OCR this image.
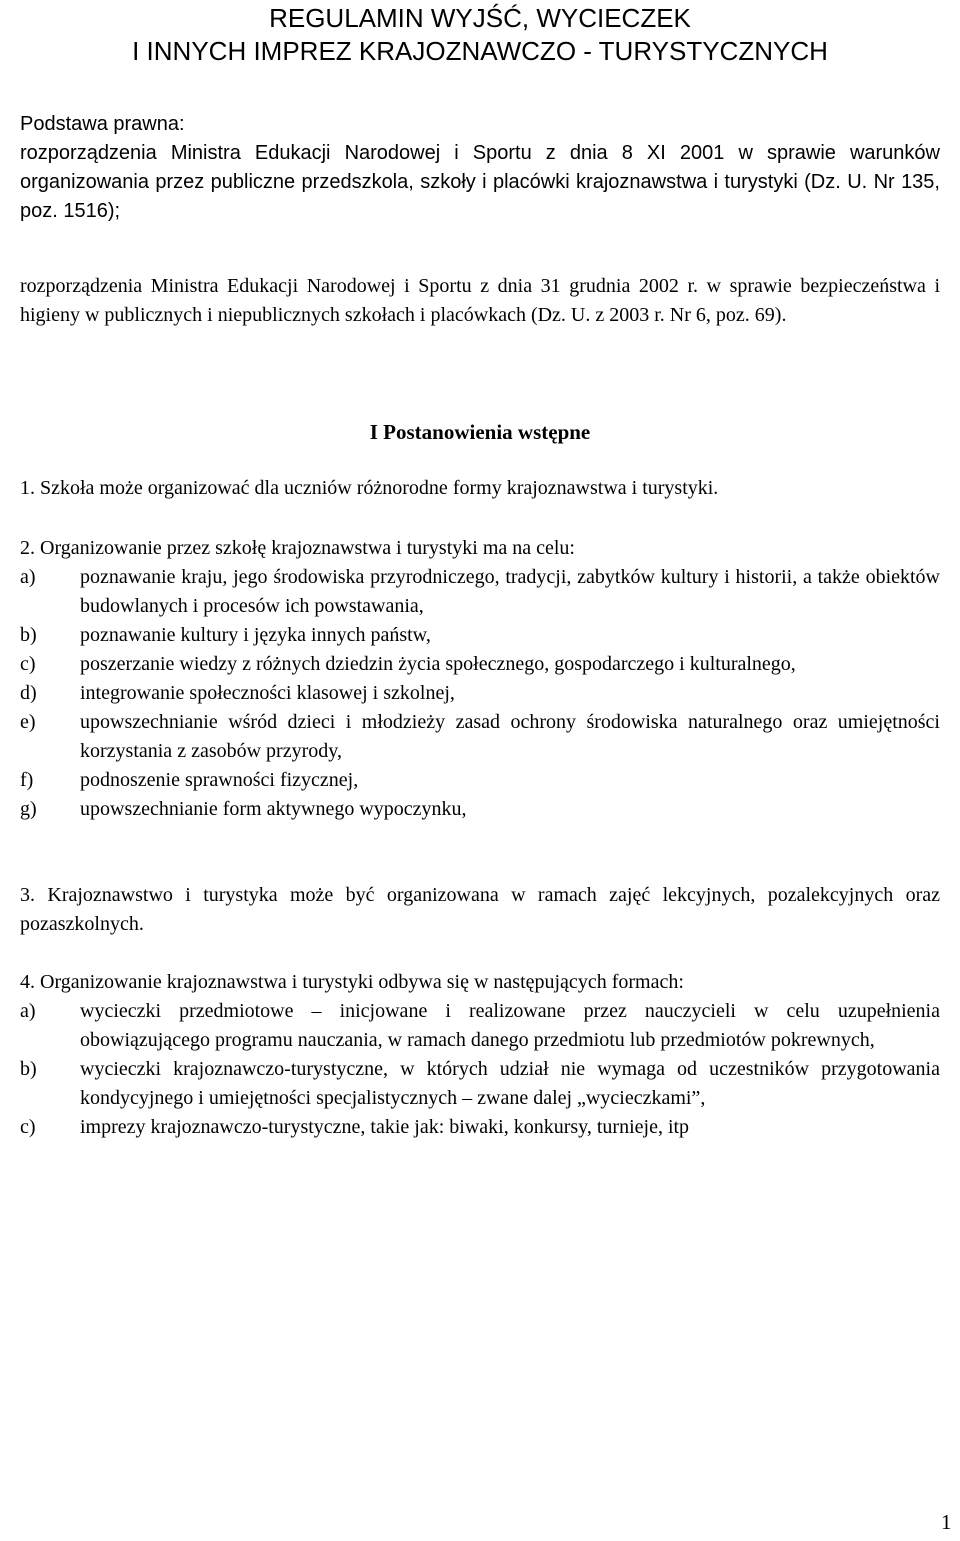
REGULAMIN WYJŚĆ, WYCIECZEK
I INNYCH IMPREZ KRAJOZNAWCZO - TURYSTYCZNYCH
Podstawa prawna:
rozporządzenia Ministra Edukacji Narodowej i Sportu z dnia 8 XI 2001 w sprawie warunków organizowania przez publiczne przedszkola, szkoły i placówki krajoznawstwa i turystyki (Dz. U. Nr 135, poz. 1516);
rozporządzenia Ministra Edukacji Narodowej i Sportu z dnia 31 grudnia 2002 r. w sprawie bezpieczeństwa i higieny w publicznych i niepublicznych szkołach i placówkach (Dz. U. z 2003 r. Nr 6, poz. 69).
1. Szkoła może organizować dla uczniów różnorodne formy krajoznawstwa i turystyki.
2. Organizowanie przez szkołę krajoznawstwa i turystyki ma na celu:
a)	poznawanie kraju, jego środowiska przyrodniczego, tradycji, zabytków kultury i historii, a także obiektów budowlanych i procesów ich powstawania,
b)	poznawanie kultury i języka innych państw,
c)	poszerzanie wiedzy z różnych dziedzin życia społecznego, gospodarczego i kulturalnego,
d)	integrowanie społeczności klasowej i szkolnej,
e)	upowszechnianie wśród dzieci i młodzieży zasad ochrony środowiska naturalnego oraz umiejętności korzystania z zasobów przyrody,
f)	podnoszenie sprawności fizycznej,
g)	upowszechnianie form aktywnego wypoczynku,
3. Krajoznawstwo i turystyka może być organizowana w ramach zajęć lekcyjnych, pozalekcyjnych oraz pozaszkolnych.
4. Organizowanie krajoznawstwa i turystyki odbywa się w następujących formach:
a)	wycieczki przedmiotowe – inicjowane i realizowane przez nauczycieli w celu uzupełnienia obowiązującego programu nauczania, w ramach danego przedmiotu lub przedmiotów pokrewnych,
b)	wycieczki krajoznawczo-turystyczne, w których udział nie wymaga od uczestników przygotowania kondycyjnego i umiejętności specjalistycznych – zwane dalej „wycieczkami”,
c)	imprezy krajoznawczo-turystyczne, takie jak: biwaki, konkursy, turnieje, itp
I Postanowienia wstępne
1
